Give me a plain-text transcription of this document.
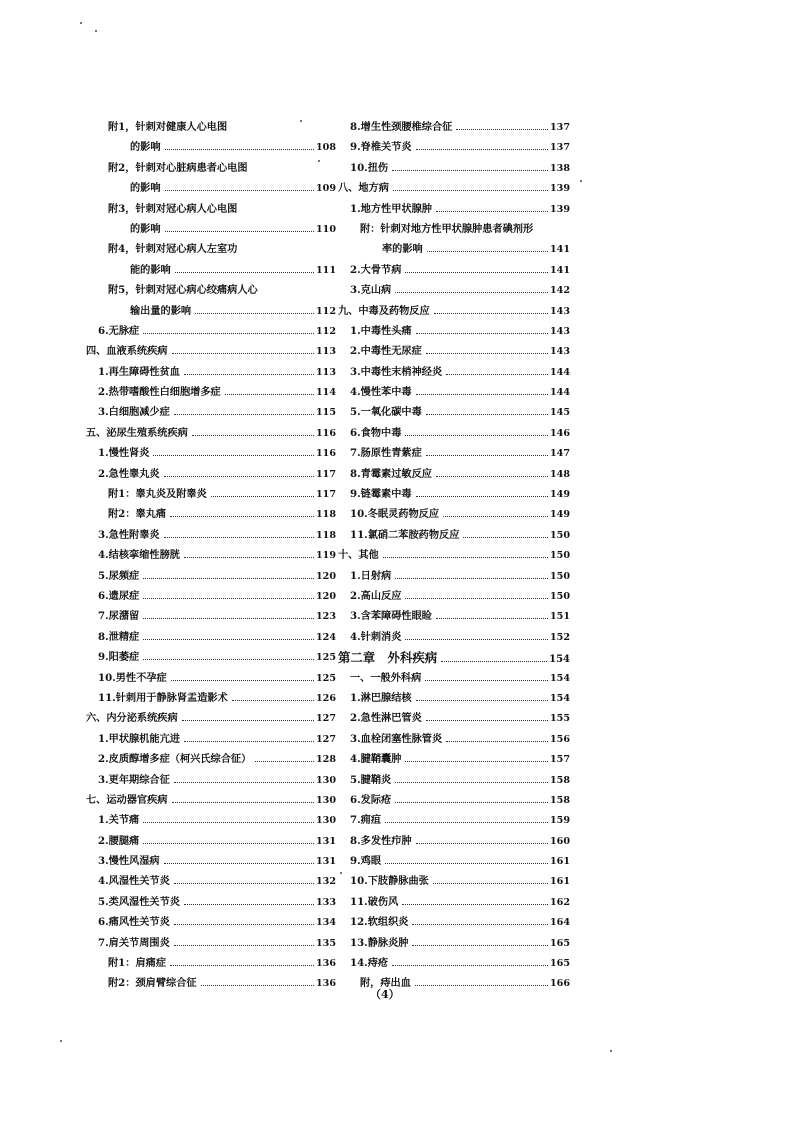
附1，针刺对健康人心电图
的影响	108
附2，针刺对心脏病患者心电图
的影响	109
附3，针刺对冠心病人心电图
的影响	110
附4，针刺对冠心病人左室功
能的影响	111
附5，针刺对冠心病心绞痛病人心
输出量的影响	112
6.无脉症	112
四、血液系统疾病	113
1.再生障碍性贫血	113
2.热带嗜酸性白细胞增多症	114
3.白细胞减少症	115
五、泌尿生殖系统疾病	116
1.慢性肾炎	116
2.急性睾丸炎	117
附1：睾丸炎及附睾炎	117
附2：睾丸痛	118
3.急性附睾炎	118
4.结核挛缩性膀胱	119
5.尿频症	120
6.遗尿症	120
7.尿潴留	123
8.泄精症	124
9.阳萎症	125
10.男性不孕症	125
11.针刺用于静脉肾盂造影术	126
六、内分泌系统疾病	127
1.甲状腺机能亢进	127
2.皮质醇增多症（柯兴氏综合征）	128
3.更年期综合征	130
七、运动器官疾病	130
1.关节痛	130
2.腰腿痛	131
3.慢性风湿病	131
4.风湿性关节炎	132
5.类风湿性关节炎	133
6.痛风性关节炎	134
7.肩关节周围炎	135
附1：肩痛症	136
附2：颈肩臂综合征	136
8.增生性颈腰椎综合征	137
9.脊椎关节炎	137
10.扭伤	138
八、地方病	139
1.地方性甲状腺肿	139
附：针刺对地方性甲状腺肿患者碘剂形
率的影响	141
2.大骨节病	141
3.克山病	142
九、中毒及药物反应	143
1.中毒性头痛	143
2.中毒性无尿症	143
3.中毒性末梢神经炎	144
4.慢性苯中毒	144
5.一氧化碳中毒	145
6.食物中毒	146
7.肠原性青紫症	147
8.青霉素过敏反应	148
9.链霉素中毒	149
10.冬眠灵药物反应	149
11.氯硝二苯胺药物反应	150
十、其他	150
1.日射病	150
2.高山反应	150
3.含苯障碍性眼睑	151
4.针刺消炎	152
第二章　外科疾病	154
一、一般外科病	154
1.淋巴腺结核	154
2.急性淋巴管炎	155
3.血栓闭塞性脉管炎	156
4.腱鞘囊肿	157
5.腱鞘炎	158
6.发际疮	158
7.痈疽	159
8.多发性疖肿	160
9.鸡眼	161
10.下肢静脉曲张	161
11.破伤风	162
12.软组织炎	164
13.静脉炎肿	165
14.痔疮	165
附，痔出血	166
（4）
